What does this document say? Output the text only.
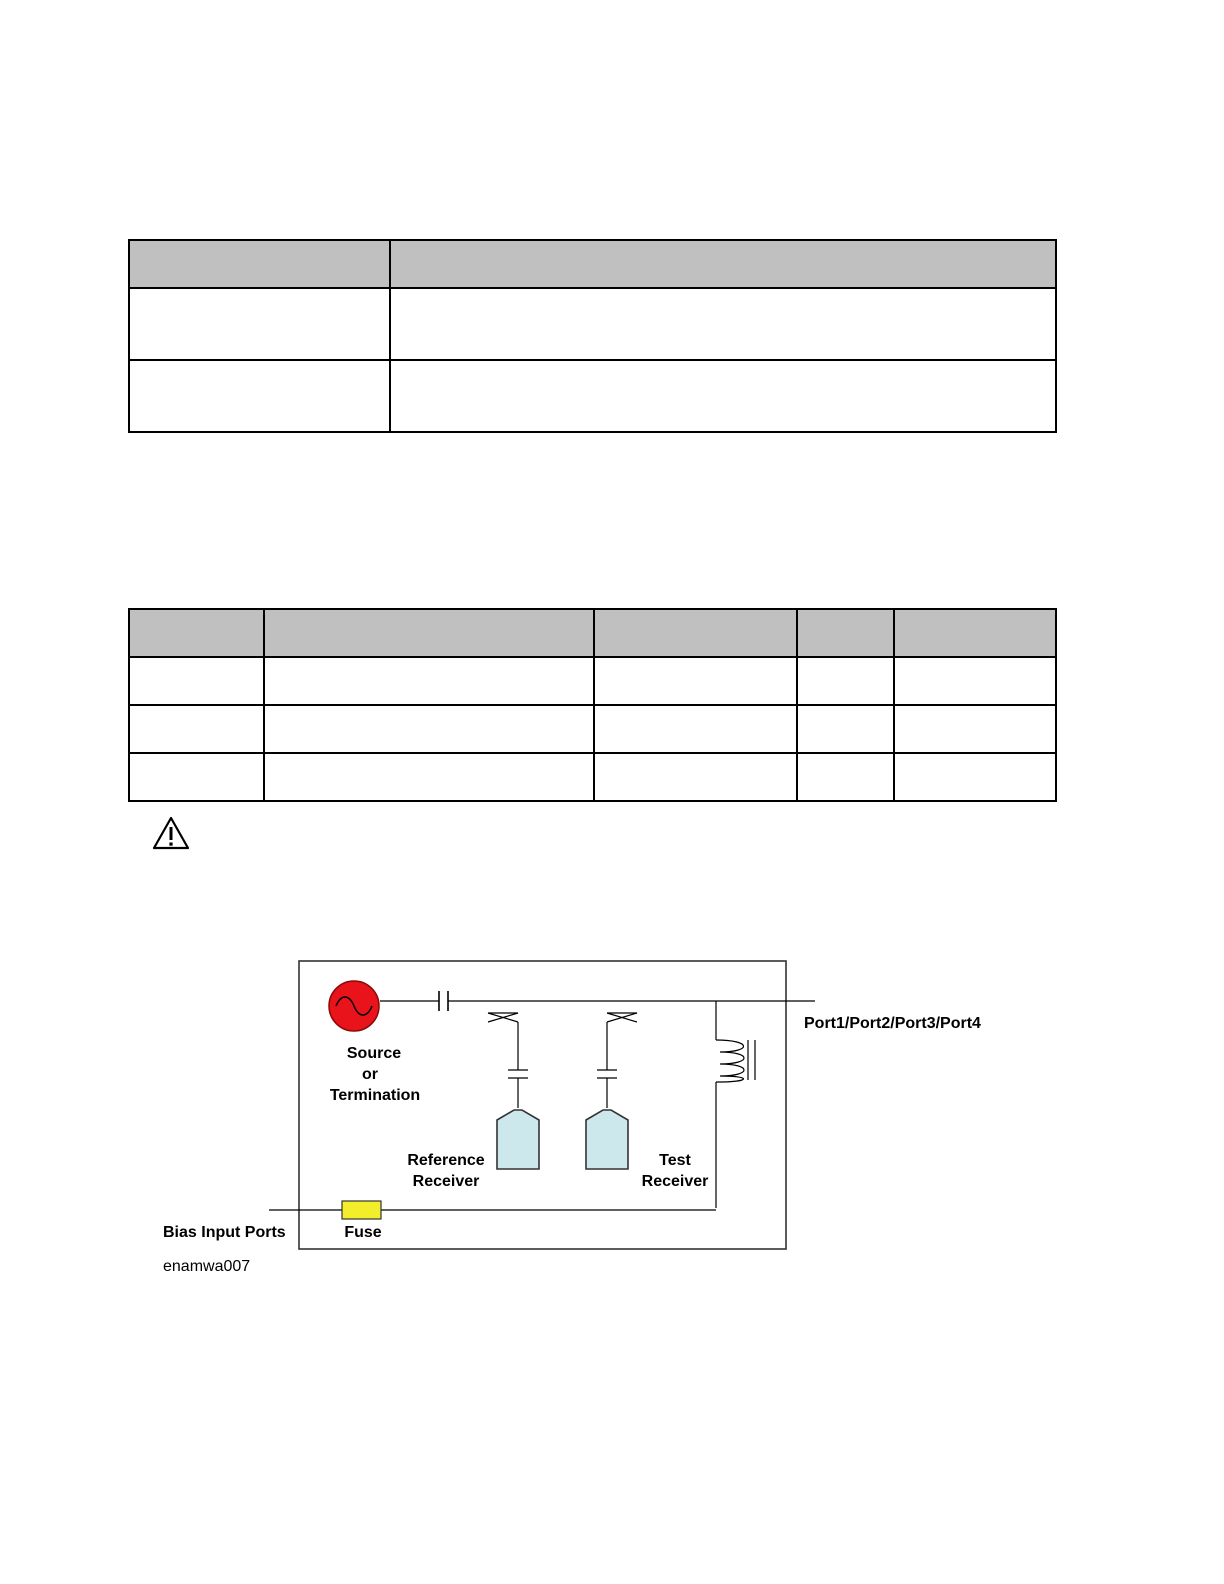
Source
or
Termination
Reference
Receiver
Test
Receiver
Port1/Port2/Port3/Port4
Bias Input Ports	Fuse
enamwa007
